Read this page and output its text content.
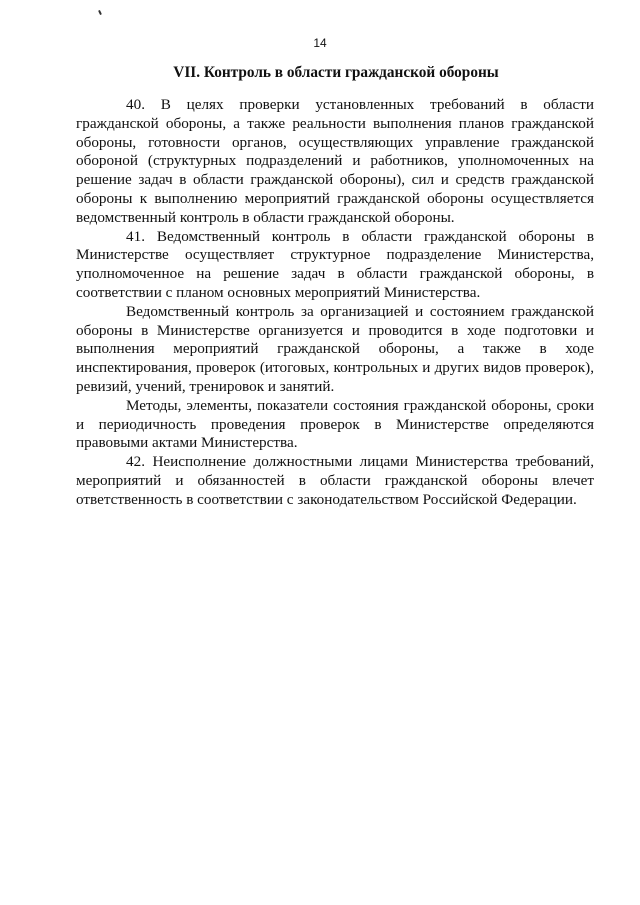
14
VII. Контроль в области гражданской обороны

40. В целях проверки установленных требований в области гражданской обороны, а также реальности выполнения планов гражданской обороны, готовности органов, осуществляющих управление гражданской обороной (структурных подразделений и работников, уполномоченных на решение задач в области гражданской обороны), сил и средств гражданской обороны к выполнению мероприятий гражданской обороны осуществляется ведомственный контроль в области гражданской обороны.

41. Ведомственный контроль в области гражданской обороны в Министерстве осуществляет структурное подразделение Министерства, уполномоченное на решение задач в области гражданской обороны, в соответствии с планом основных мероприятий Министерства.

Ведомственный контроль за организацией и состоянием гражданской обороны в Министерстве организуется и проводится в ходе подготовки и выполнения мероприятий гражданской обороны, а также в ходе инспектирования, проверок (итоговых, контрольных и других видов проверок), ревизий, учений, тренировок и занятий.

Методы, элементы, показатели состояния гражданской обороны, сроки и периодичность проведения проверок в Министерстве определяются правовыми актами Министерства.

42. Неисполнение должностными лицами Министерства требований, мероприятий и обязанностей в области гражданской обороны влечет ответственность в соответствии с законодательством Российской Федерации.
